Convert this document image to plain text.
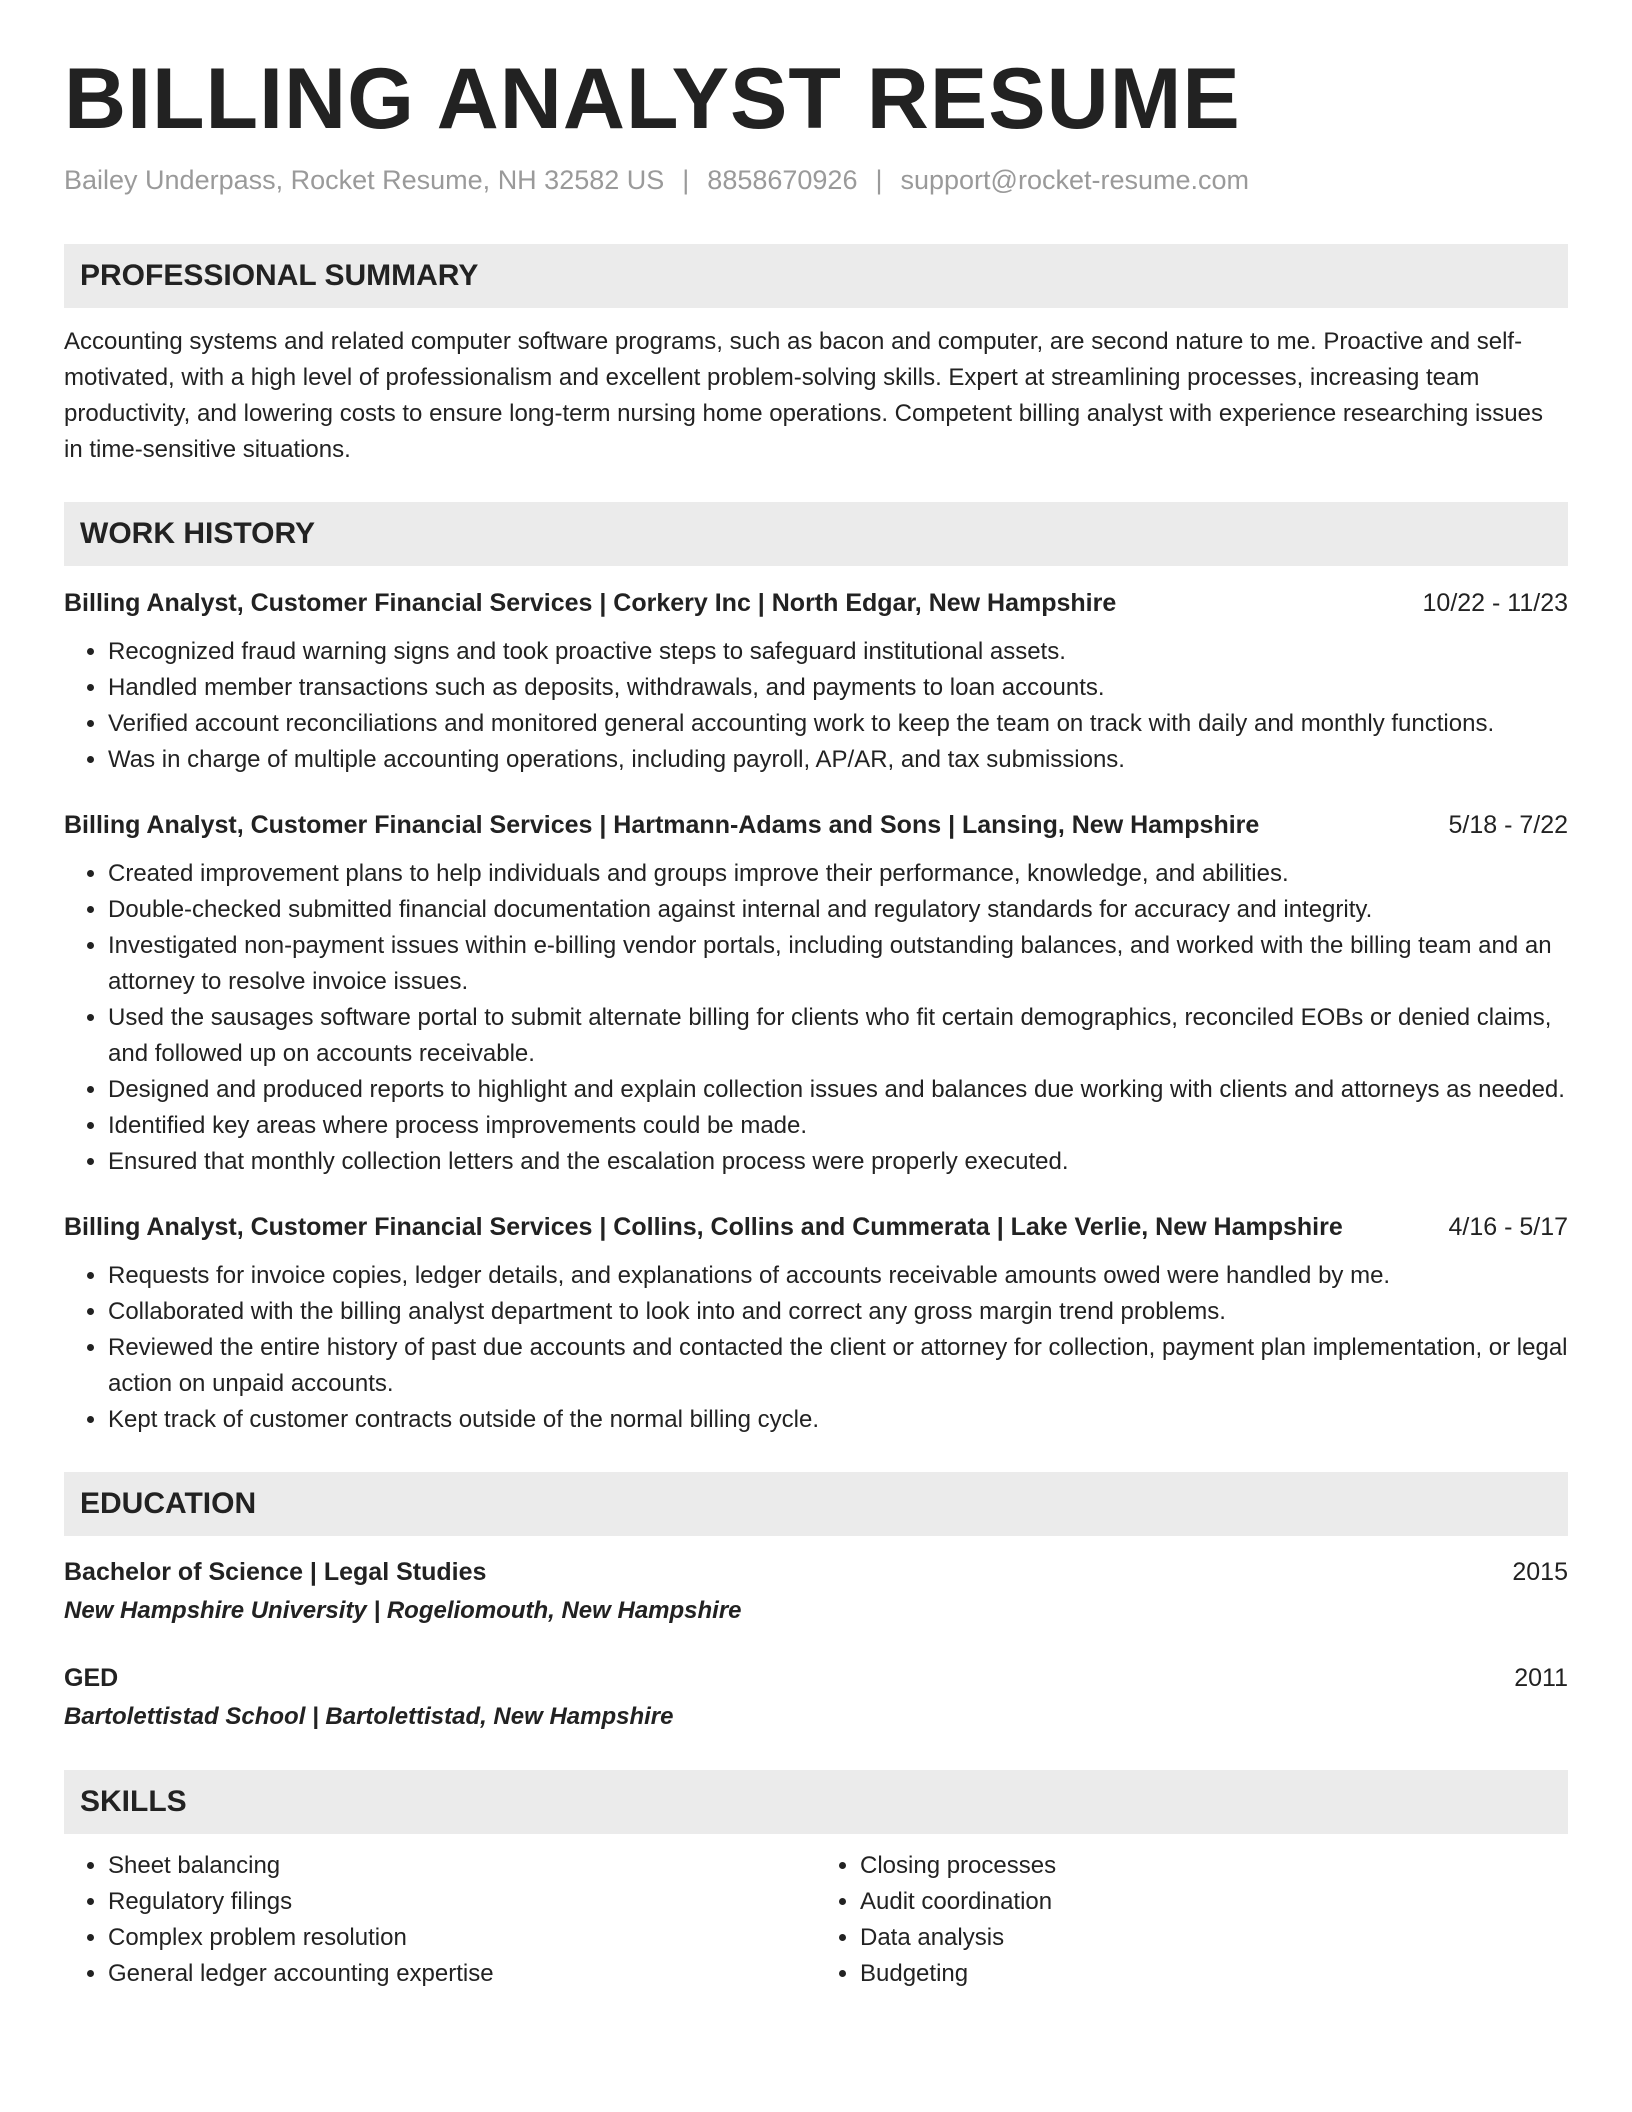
BILLING ANALYST RESUME
Bailey Underpass, Rocket Resume, NH 32582 US | 8858670926 | support@rocket-resume.com
PROFESSIONAL SUMMARY
Accounting systems and related computer software programs, such as bacon and computer, are second nature to me. Proactive and self-motivated, with a high level of professionalism and excellent problem-solving skills. Expert at streamlining processes, increasing team productivity, and lowering costs to ensure long-term nursing home operations. Competent billing analyst with experience researching issues in time-sensitive situations.
WORK HISTORY
Billing Analyst, Customer Financial Services | Corkery Inc | North Edgar, New Hampshire	10/22 - 11/23
• Recognized fraud warning signs and took proactive steps to safeguard institutional assets.
• Handled member transactions such as deposits, withdrawals, and payments to loan accounts.
• Verified account reconciliations and monitored general accounting work to keep the team on track with daily and monthly functions.
• Was in charge of multiple accounting operations, including payroll, AP/AR, and tax submissions.
Billing Analyst, Customer Financial Services | Hartmann-Adams and Sons | Lansing, New Hampshire	5/18 - 7/22
• Created improvement plans to help individuals and groups improve their performance, knowledge, and abilities.
• Double-checked submitted financial documentation against internal and regulatory standards for accuracy and integrity.
• Investigated non-payment issues within e-billing vendor portals, including outstanding balances, and worked with the billing team and an attorney to resolve invoice issues.
• Used the sausages software portal to submit alternate billing for clients who fit certain demographics, reconciled EOBs or denied claims, and followed up on accounts receivable.
• Designed and produced reports to highlight and explain collection issues and balances due working with clients and attorneys as needed.
• Identified key areas where process improvements could be made.
• Ensured that monthly collection letters and the escalation process were properly executed.
Billing Analyst, Customer Financial Services | Collins, Collins and Cummerata | Lake Verlie, New Hampshire	4/16 - 5/17
• Requests for invoice copies, ledger details, and explanations of accounts receivable amounts owed were handled by me.
• Collaborated with the billing analyst department to look into and correct any gross margin trend problems.
• Reviewed the entire history of past due accounts and contacted the client or attorney for collection, payment plan implementation, or legal action on unpaid accounts.
• Kept track of customer contracts outside of the normal billing cycle.
EDUCATION
Bachelor of Science | Legal Studies	2015
New Hampshire University | Rogeliomouth, New Hampshire
GED	2011
Bartolettistad School | Bartolettistad, New Hampshire
SKILLS
• Sheet balancing
• Regulatory filings
• Complex problem resolution
• General ledger accounting expertise
• Closing processes
• Audit coordination
• Data analysis
• Budgeting
